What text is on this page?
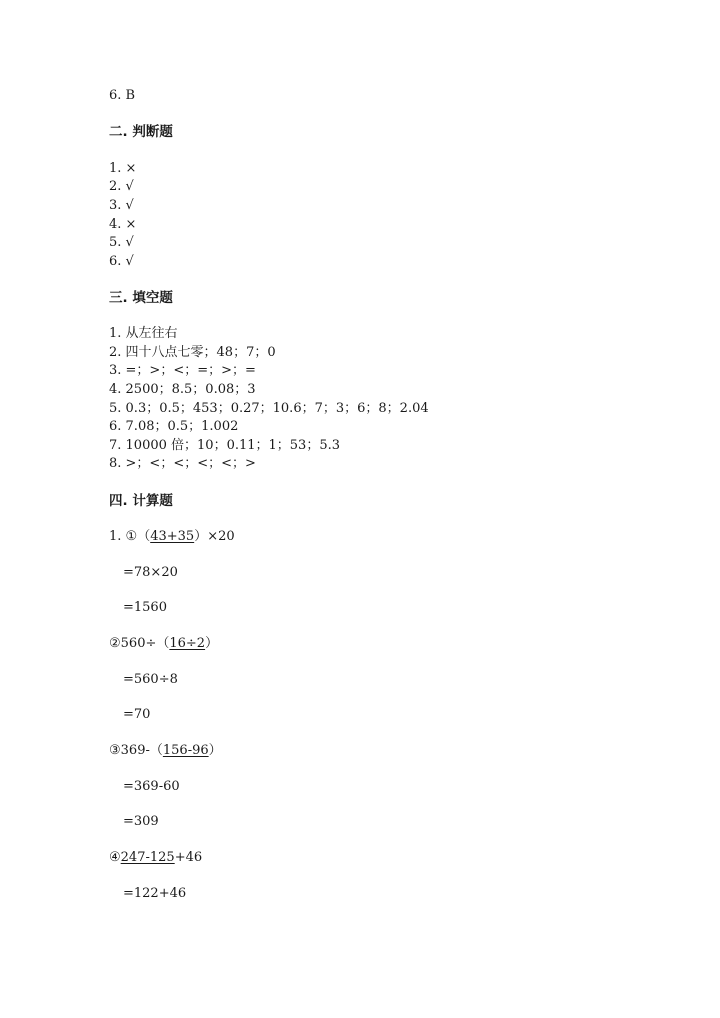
6. B
二. 判断题
1. ×
2. √
3. √
4. ×
5. √
6. √
三. 填空题
1. 从左往右
2. 四十八点七零；48；7；0
3. =；>；<；=；>；=
4. 2500；8.5；0.08；3
5. 0.3；0.5；453；0.27；10.6；7；3；6；8；2.04
6. 7.08；0.5；1.002
7. 10000 倍；10；0.11；1；53；5.3
8. >；<；<；<；<；>
四. 计算题
1. ①（43+35）×20
=78×20
=1560
②560÷（16÷2）
=560÷8
=70
③369-（156-96）
=369-60
=309
④247-125+46
=122+46
